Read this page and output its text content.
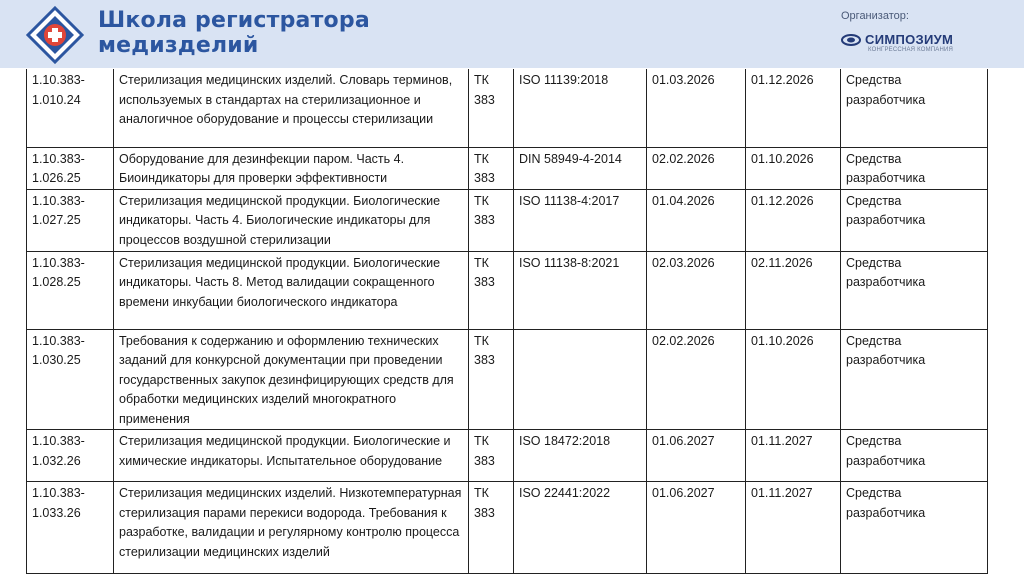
Школа регистратора
медизделий
Организатор:
СИМПОЗИУМ
КОНГРЕССНАЯ КОМПАНИЯ
1.10.383-1.010.24	Стерилизация медицинских изделий. Словарь терминов, используемых в стандартах на стерилизационное и аналогичное оборудование и процессы стерилизации	ТК 383	ISO 11139:2018	01.03.2026	01.12.2026	Средства разработчика
1.10.383-1.026.25	Оборудование для дезинфекции паром. Часть 4. Биоиндикаторы для проверки эффективности	ТК 383	DIN 58949-4-2014	02.02.2026	01.10.2026	Средства разработчика
1.10.383-1.027.25	Стерилизация медицинской продукции. Биологические индикаторы. Часть 4. Биологические индикаторы для процессов воздушной стерилизации	ТК 383	ISO 11138-4:2017	01.04.2026	01.12.2026	Средства разработчика
1.10.383-1.028.25	Стерилизация медицинской продукции. Биологические индикаторы. Часть 8. Метод валидации сокращенного времени инкубации биологического индикатора	ТК 383	ISO 11138-8:2021	02.03.2026	02.11.2026	Средства разработчика
1.10.383-1.030.25	Требования к содержанию и оформлению технических заданий для конкурсной документации при проведении государственных закупок дезинфицирующих средств для обработки медицинских изделий многократного применения	ТК 383		02.02.2026	01.10.2026	Средства разработчика
1.10.383-1.032.26	Стерилизация медицинской продукции. Биологические и химические индикаторы. Испытательное оборудование	ТК 383	ISO 18472:2018	01.06.2027	01.11.2027	Средства разработчика
1.10.383-1.033.26	Стерилизация медицинских изделий. Низкотемпературная стерилизация парами перекиси водорода. Требования к разработке, валидации и регулярному контролю процесса стерилизации медицинских изделий	ТК 383	ISO 22441:2022	01.06.2027	01.11.2027	Средства разработчика
